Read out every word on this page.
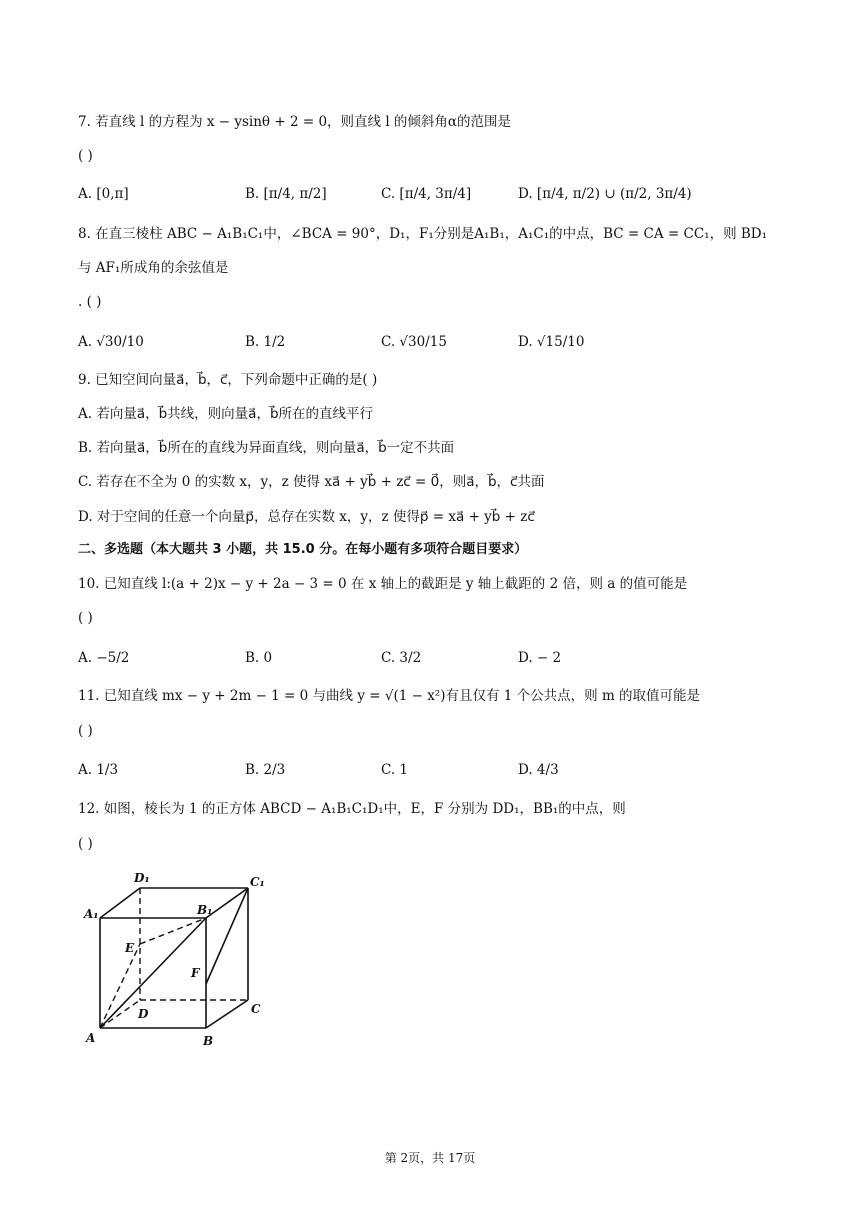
7. 若直线 l 的方程为 x − ysinθ + 2 = 0，则直线 l 的倾斜角α的范围是
( )
A. [0,π]	B. [π/4, π/2]	C. [π/4, 3π/4]	D. [π/4, π/2) ∪ (π/2, 3π/4)
8. 在直三棱柱 ABC − A₁B₁C₁中，∠BCA = 90°，D₁，F₁分别是A₁B₁，A₁C₁的中点，BC = CA = CC₁，则 BD₁
与 AF₁所成角的余弦值是
. ( )
A. √30/10	B. 1/2	C. √30/15	D. √15/10
9. 已知空间向量a⃗，b⃗，c⃗，下列命题中正确的是( )
A. 若向量a⃗，b⃗共线，则向量a⃗，b⃗所在的直线平行
B. 若向量a⃗，b⃗所在的直线为异面直线，则向量a⃗，b⃗一定不共面
C. 若存在不全为 0 的实数 x，y，z 使得 xa⃗ + yb⃗ + zc⃗ = 0⃗，则a⃗，b⃗，c⃗共面
D. 对于空间的任意一个向量p⃗，总存在实数 x，y，z 使得p⃗ = xa⃗ + yb⃗ + zc⃗
二、多选题（本大题共 3 小题，共 15.0 分。在每小题有多项符合题目要求）
10. 已知直线 l:(a + 2)x − y + 2a − 3 = 0 在 x 轴上的截距是 y 轴上截距的 2 倍，则 a 的值可能是
( )
A. −5/2	B. 0	C. 3/2	D. − 2
11. 已知直线 mx − y + 2m − 1 = 0 与曲线 y = √(1 − x²)有且仅有 1 个公共点，则 m 的取值可能是
( )
A. 1/3	B. 2/3	C. 1	D. 4/3
12. 如图，棱长为 1 的正方体 ABCD − A₁B₁C₁D₁中，E，F 分别为 DD₁，BB₁的中点，则
( )
D₁	C₁
A₁	B₁
E
F
D	C
A	B
第 2页，共 17页
